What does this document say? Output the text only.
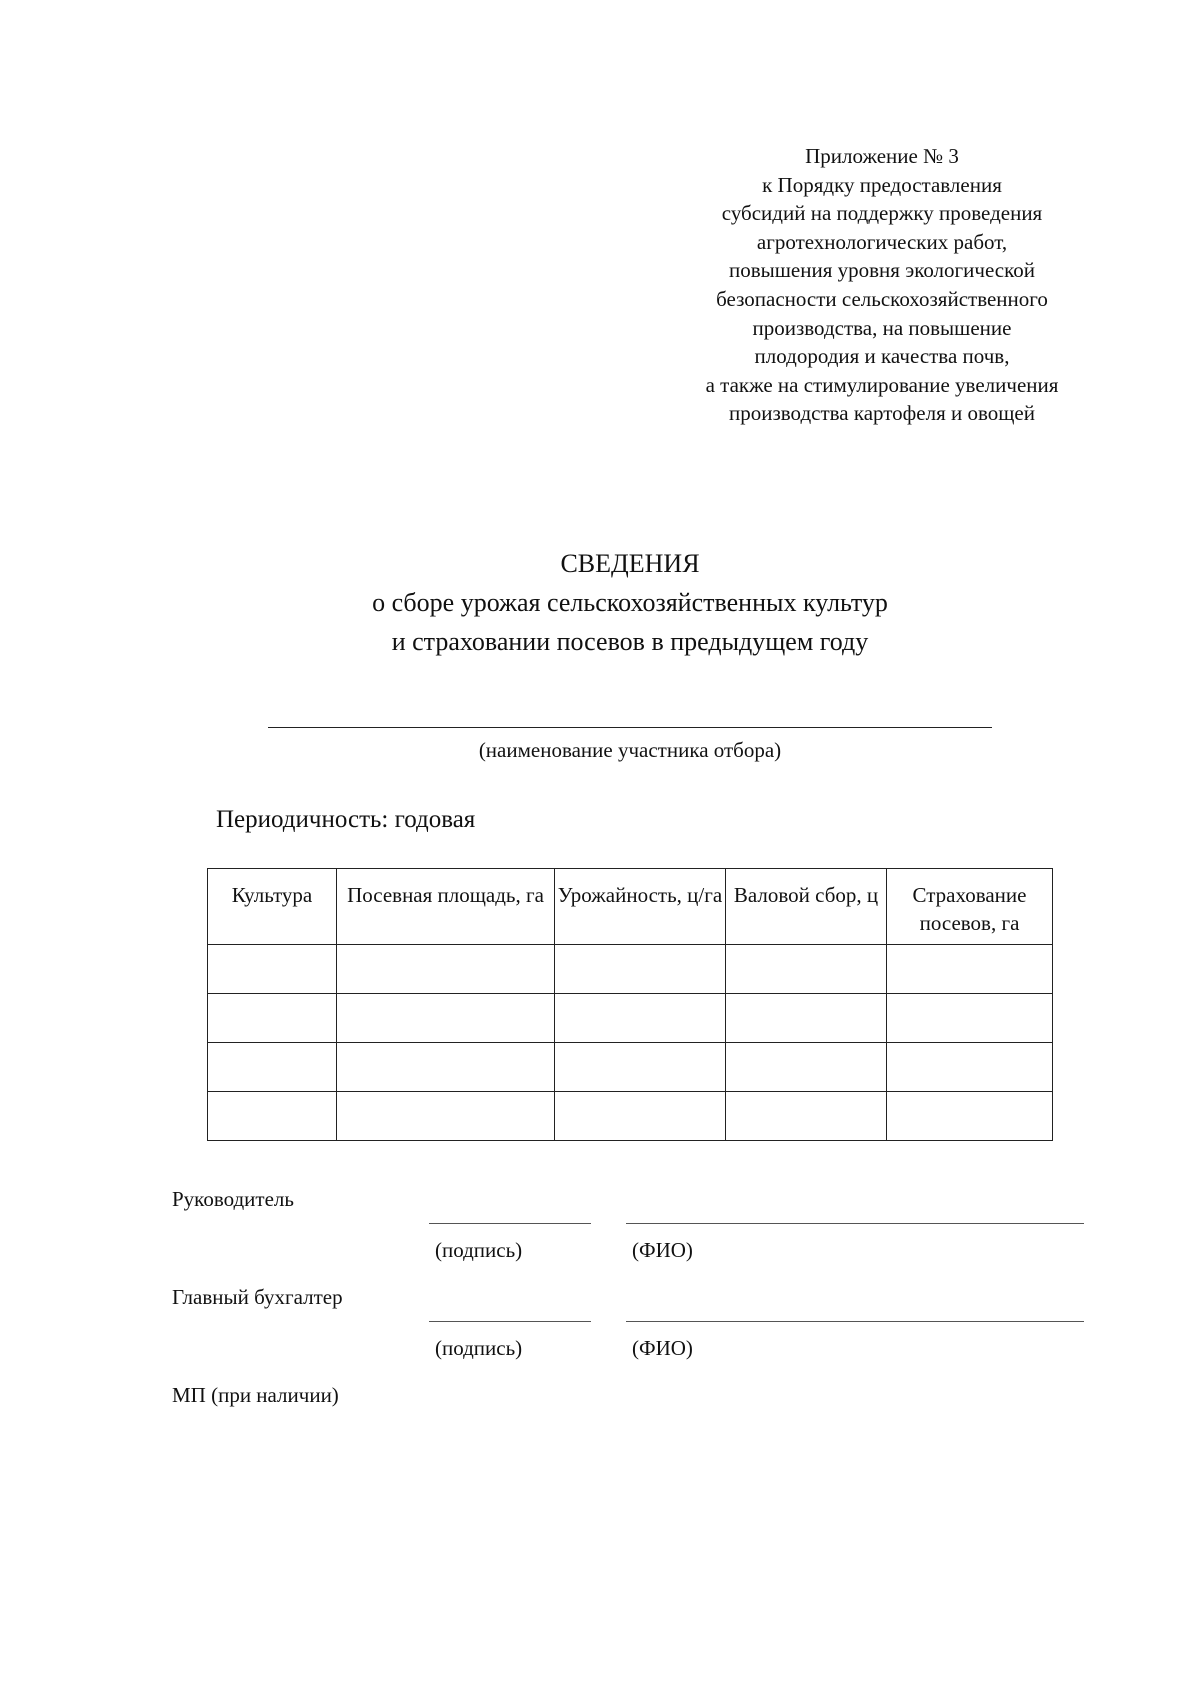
Приложение № 3
к Порядку предоставления
субсидий на поддержку проведения
агротехнологических работ,
повышения уровня экологической
безопасности сельскохозяйственного
производства, на повышение
плодородия и качества почв,
а также на стимулирование увеличения
производства картофеля и овощей
СВЕДЕНИЯ
о сборе урожая сельскохозяйственных культур
и страховании посевов в предыдущем году
(наименование участника отбора)
Периодичность: годовая
Культура	Посевная площадь, га	Урожайность, ц/га	Валовой сбор, ц	Страхование посевов, га

Руководитель
(подпись)	(ФИО)
Главный бухгалтер
(подпись)	(ФИО)
МП (при наличии)
